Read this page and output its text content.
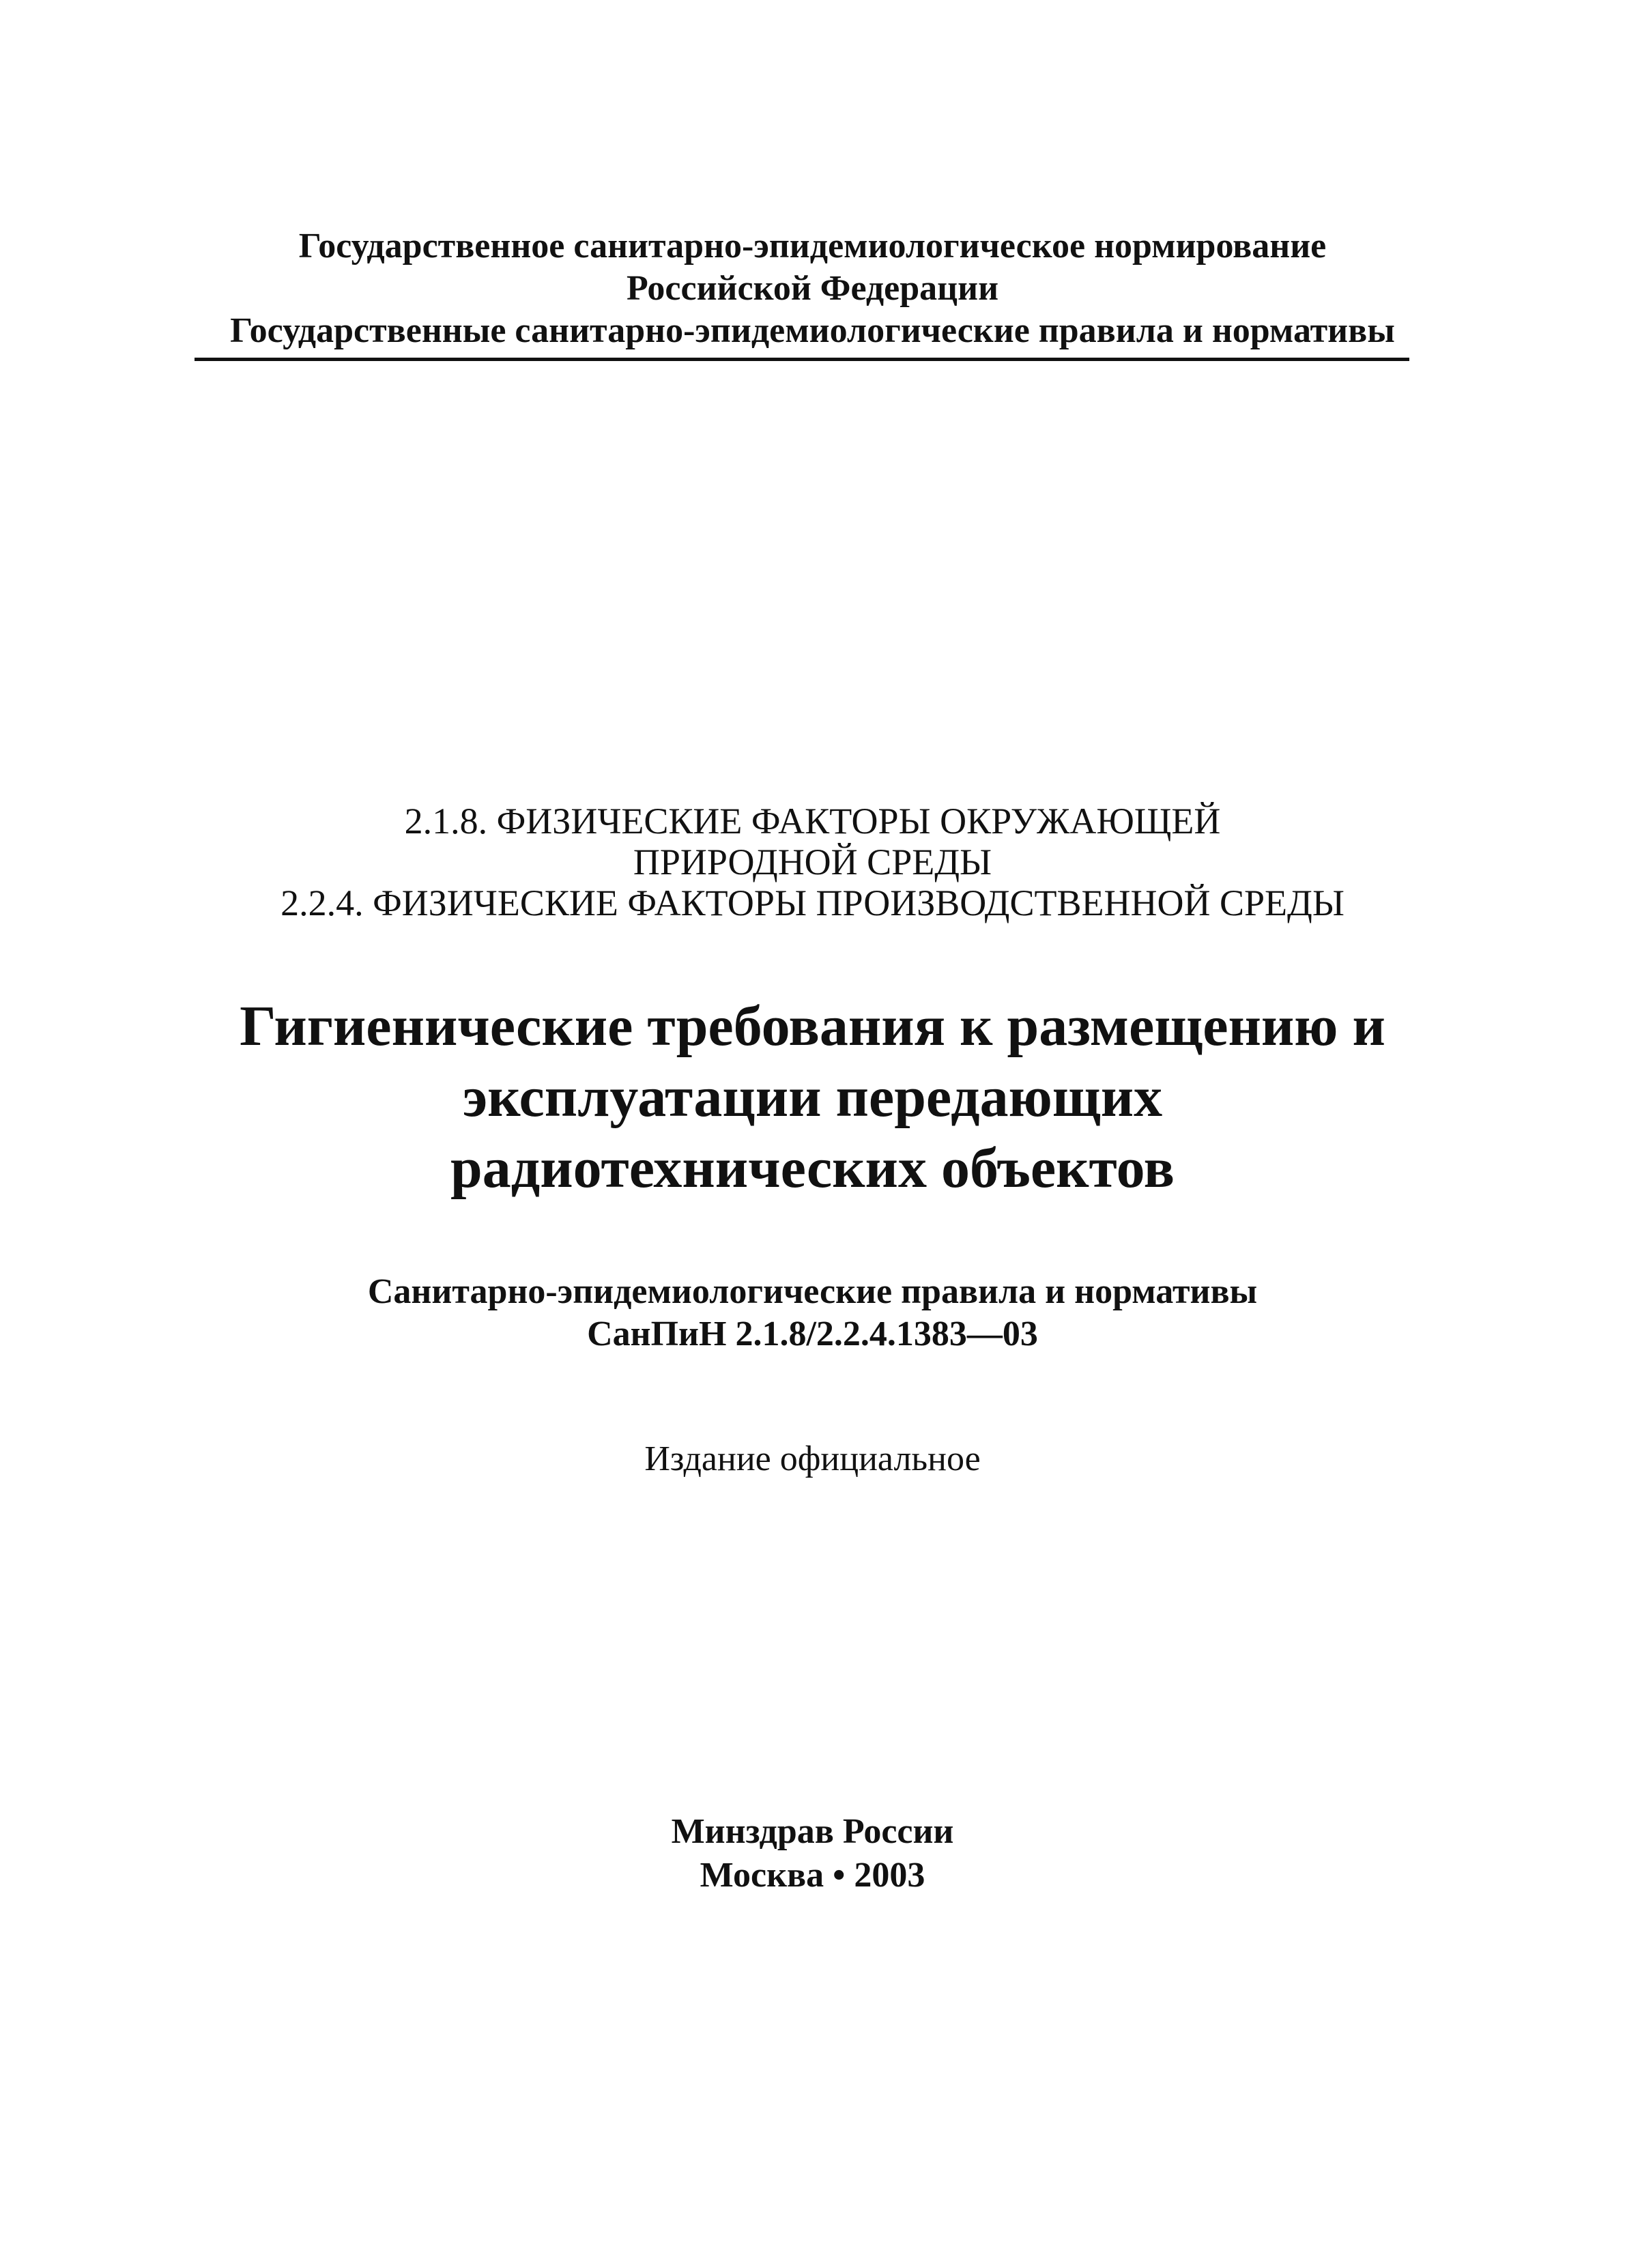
Государственное санитарно-эпидемиологическое нормирование
Российской Федерации
Государственные санитарно-эпидемиологические правила и нормативы
2.1.8. ФИЗИЧЕСКИЕ ФАКТОРЫ ОКРУЖАЮЩЕЙ
ПРИРОДНОЙ СРЕДЫ
2.2.4. ФИЗИЧЕСКИЕ ФАКТОРЫ ПРОИЗВОДСТВЕННОЙ СРЕДЫ
Гигиенические требования к размещению и
эксплуатации передающих
радиотехнических объектов
Санитарно-эпидемиологические правила и нормативы
СанПиН 2.1.8/2.2.4.1383—03
Издание официальное
Минздрав России
Москва • 2003
